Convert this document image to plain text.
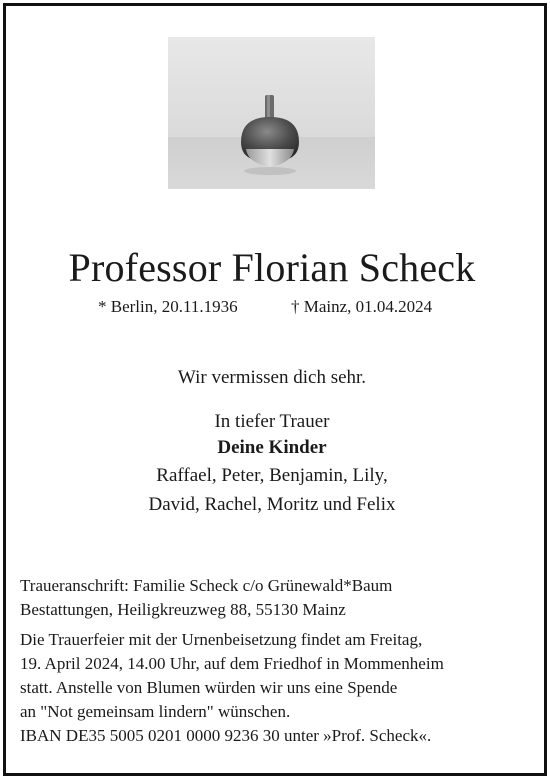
Professor Florian Scheck
* Berlin, 20.11.1936	† Mainz, 01.04.2024
Wir vermissen dich sehr.
In tiefer Trauer
Deine Kinder
Raffael, Peter, Benjamin, Lily,
David, Rachel, Moritz und Felix
Traueranschrift: Familie Scheck c/o Grünewald*Baum
Bestattungen, Heiligkreuzweg 88, 55130 Mainz
Die Trauerfeier mit der Urnenbeisetzung findet am Freitag,
19. April 2024, 14.00 Uhr, auf dem Friedhof in Mommenheim
statt. Anstelle von Blumen würden wir uns eine Spende
an "Not gemeinsam lindern" wünschen.
IBAN DE35 5005 0201 0000 9236 30 unter »Prof. Scheck«.
